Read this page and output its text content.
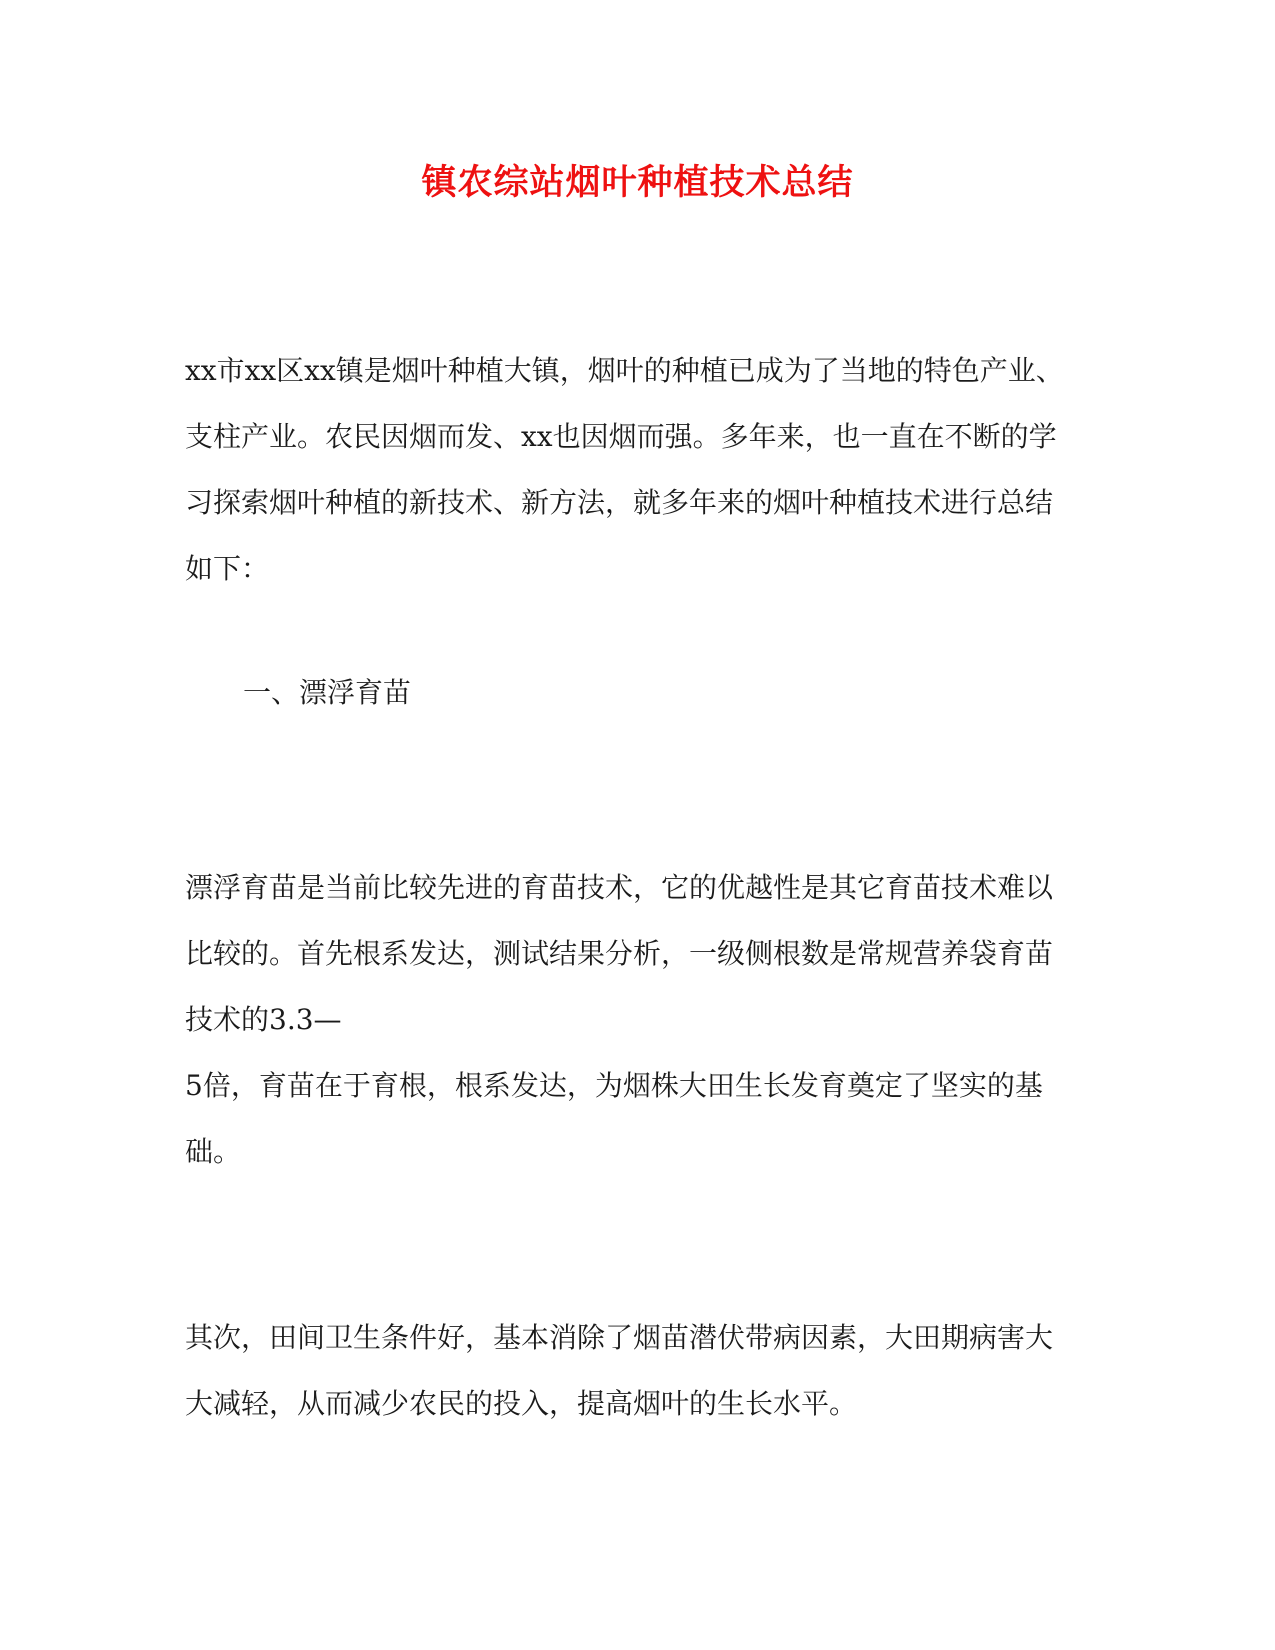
镇农综站烟叶种植技术总结
xx市xx区xx镇是烟叶种植大镇，烟叶的种植已成为了当地的特色产业、
支柱产业。农民因烟而发、xx也因烟而强。多年来，也一直在不断的学
习探索烟叶种植的新技术、新方法，就多年来的烟叶种植技术进行总结
如下：
一、漂浮育苗
漂浮育苗是当前比较先进的育苗技术，它的优越性是其它育苗技术难以
比较的。首先根系发达，测试结果分析，一级侧根数是常规营养袋育苗
技术的3.3—
5倍，育苗在于育根，根系发达，为烟株大田生长发育奠定了坚实的基
础。
其次，田间卫生条件好，基本消除了烟苗潜伏带病因素，大田期病害大
大减轻，从而减少农民的投入，提高烟叶的生长水平。
